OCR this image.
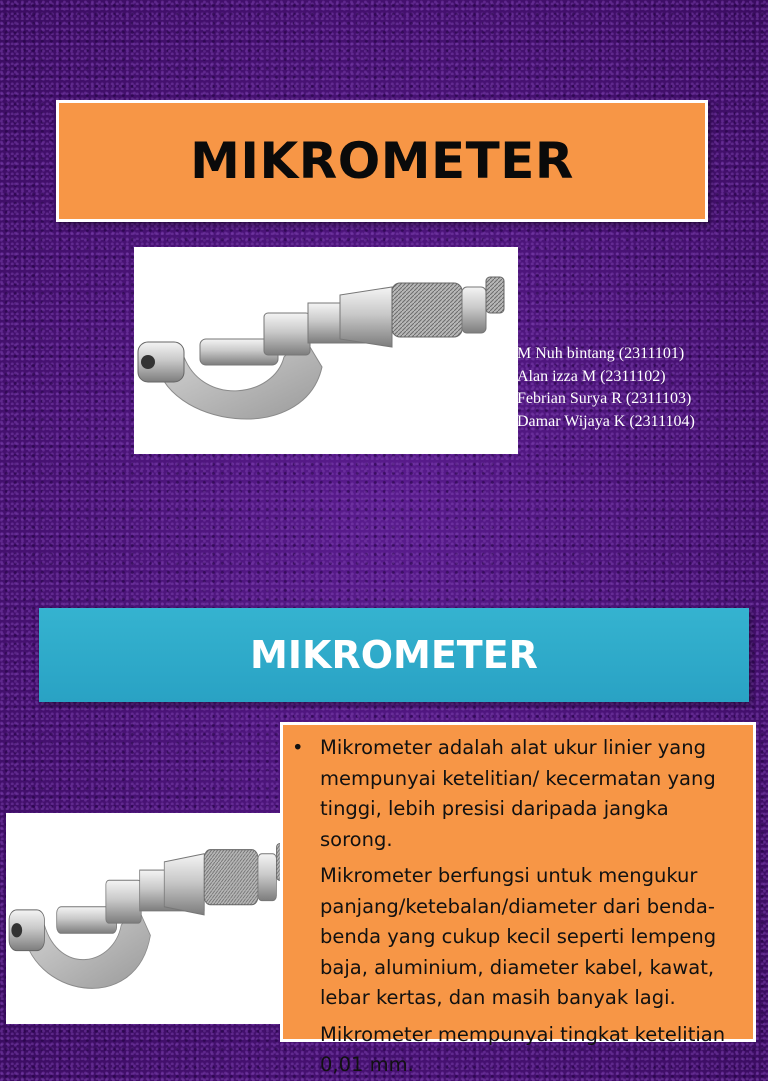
MIKROMETER
M Nuh bintang (2311101)
Alan izza M (2311102)
Febrian Surya R (2311103)
Damar Wijaya K (2311104)
MIKROMETER

• Mikrometer adalah alat ukur linier yang mempunyai ketelitian/ kecermatan yang tinggi, lebih presisi daripada jangka sorong.

Mikrometer berfungsi untuk mengukur panjang/ketebalan/diameter dari benda-benda yang cukup kecil seperti lempeng baja, aluminium, diameter kabel, kawat, lebar kertas, dan masih banyak lagi.

Mikrometer mempunyai tingkat ketelitian 0,01 mm.
